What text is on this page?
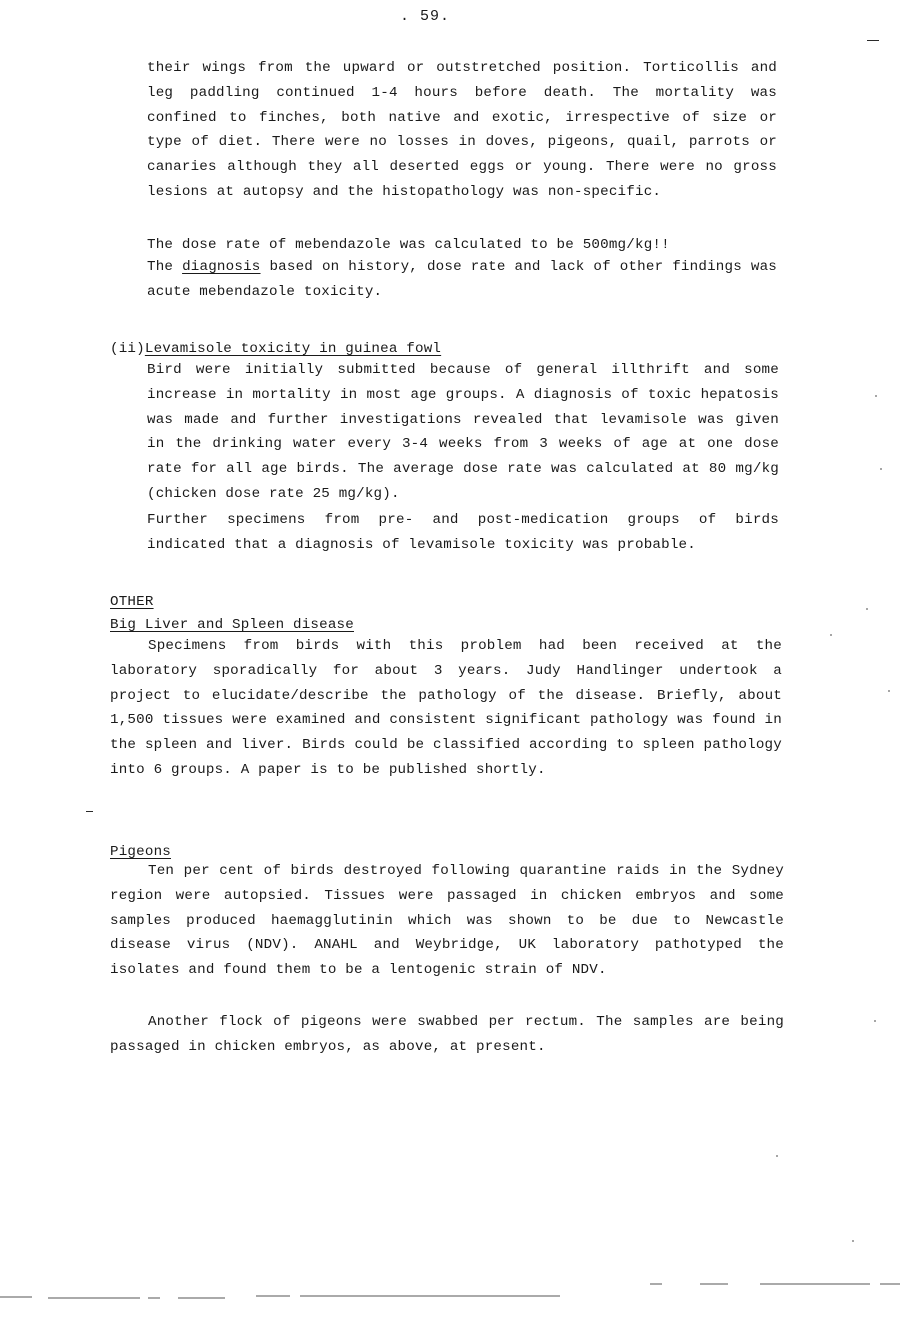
. 59.
their wings from the upward or outstretched position. Torticollis and leg paddling continued 1-4 hours before death. The mortality was confined to finches, both native and exotic, irrespective of size or type of diet. There were no losses in doves, pigeons, quail, parrots or canaries although they all deserted eggs or young. There were no gross lesions at autopsy and the histopathology was non-specific.
The dose rate of mebendazole was calculated to be 500mg/kg!!
The diagnosis based on history, dose rate and lack of other findings was acute mebendazole toxicity.
(ii)Levamisole toxicity in guinea fowl
Bird were initially submitted because of general illthrift and some increase in mortality in most age groups. A diagnosis of toxic hepatosis was made and further investigations revealed that levamisole was given in the drinking water every 3-4 weeks from 3 weeks of age at one dose rate for all age birds. The average dose rate was calculated at 80 mg/kg (chicken dose rate 25 mg/kg).
Further specimens from pre- and post-medication groups of birds indicated that a diagnosis of levamisole toxicity was probable.
OTHER
Big Liver and Spleen disease
Specimens from birds with this problem had been received at the laboratory sporadically for about 3 years. Judy Handlinger undertook a project to elucidate/describe the pathology of the disease. Briefly, about 1,500 tissues were examined and consistent significant pathology was found in the spleen and liver. Birds could be classified according to spleen pathology into 6 groups. A paper is to be published shortly.
Pigeons
Ten per cent of birds destroyed following quarantine raids in the Sydney region were autopsied. Tissues were passaged in chicken embryos and some samples produced haemagglutinin which was shown to be due to Newcastle disease virus (NDV). ANAHL and Weybridge, UK laboratory pathotyped the isolates and found them to be a lentogenic strain of NDV.
Another flock of pigeons were swabbed per rectum. The samples are being passaged in chicken embryos, as above, at present.
